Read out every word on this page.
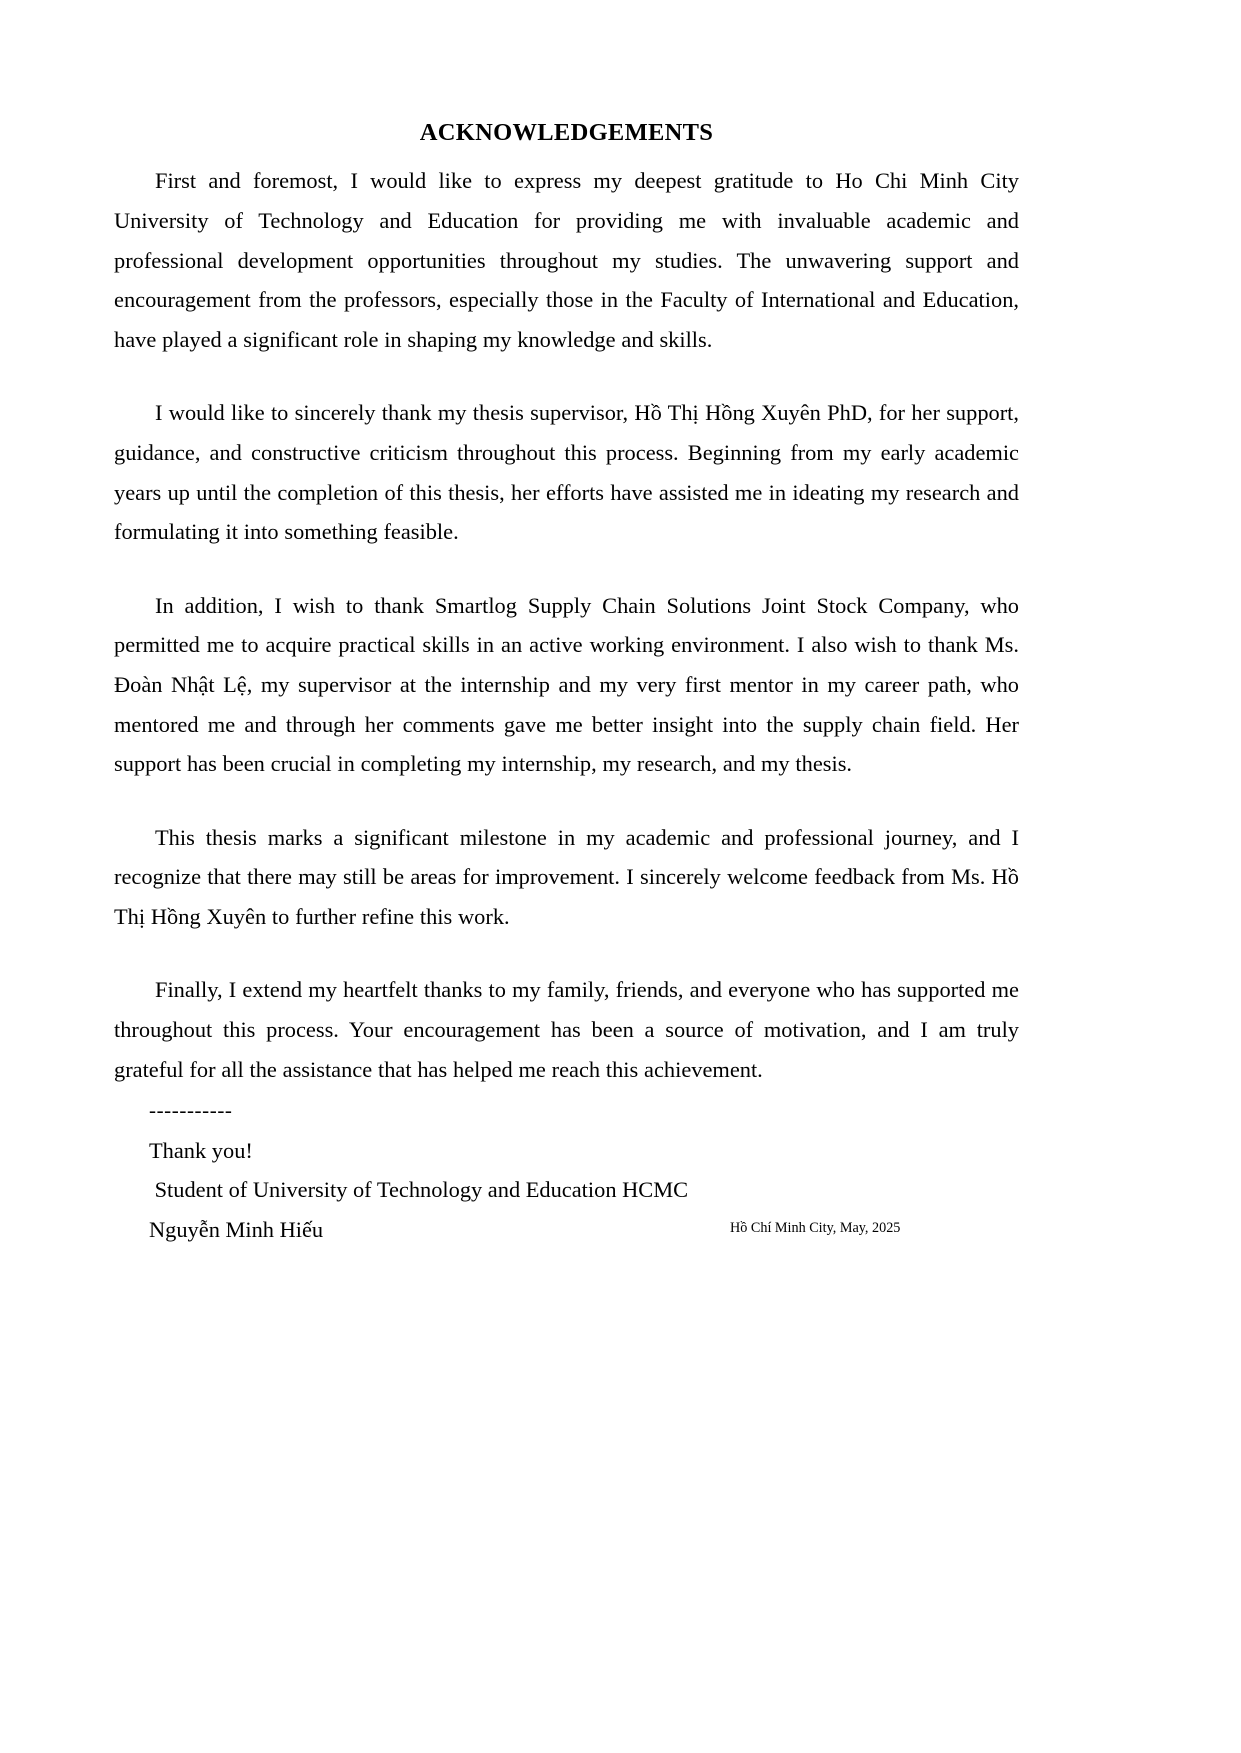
ACKNOWLEDGEMENTS

First and foremost, I would like to express my deepest gratitude to Ho Chi Minh City University of Technology and Education for providing me with invaluable academic and professional development opportunities throughout my studies. The unwavering support and encouragement from the professors, especially those in the Faculty of International and Education, have played a significant role in shaping my knowledge and skills.

I would like to sincerely thank my thesis supervisor, Hồ Thị Hồng Xuyên PhD, for her support, guidance, and constructive criticism throughout this process. Beginning from my early academic years up until the completion of this thesis, her efforts have assisted me in ideating my research and formulating it into something feasible.

In addition, I wish to thank Smartlog Supply Chain Solutions Joint Stock Company, who permitted me to acquire practical skills in an active working environment. I also wish to thank Ms. Đoàn Nhật Lệ, my supervisor at the internship and my very first mentor in my career path, who mentored me and through her comments gave me better insight into the supply chain field. Her support has been crucial in completing my internship, my research, and my thesis.

This thesis marks a significant milestone in my academic and professional journey, and I recognize that there may still be areas for improvement. I sincerely welcome feedback from Ms. Hồ Thị Hồng Xuyên to further refine this work.

Finally, I extend my heartfelt thanks to my family, friends, and everyone who has supported me throughout this process. Your encouragement has been a source of motivation, and I am truly grateful for all the assistance that has helped me reach this achievement.

-----------
Thank you!
Student of University of Technology and Education HCMC
Nguyễn Minh Hiếu	Hồ Chí Minh City, May, 2025
